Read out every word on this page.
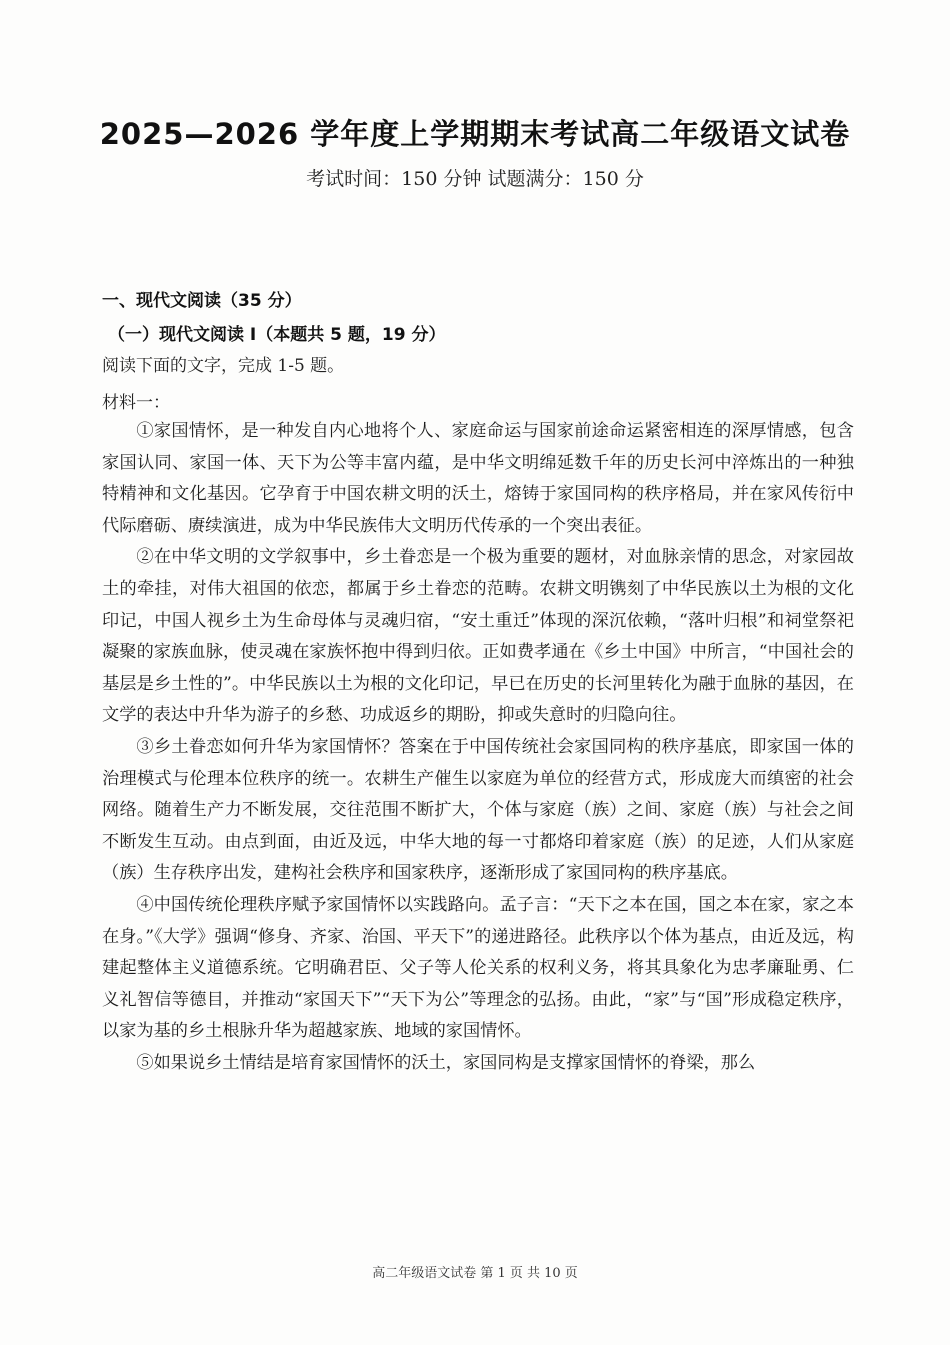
2025—2026 学年度上学期期末考试高二年级语文试卷
考试时间：150 分钟 试题满分：150 分
一、现代文阅读（35 分）
（一）现代文阅读 I（本题共 5 题，19 分）
阅读下面的文字，完成 1-5 题。
材料一：

①家国情怀，是一种发自内心地将个人、家庭命运与国家前途命运紧密相连的深厚情感，包含家国认同、家国一体、天下为公等丰富内蕴，是中华文明绵延数千年的历史长河中淬炼出的一种独特精神和文化基因。它孕育于中国农耕文明的沃土，熔铸于家国同构的秩序格局，并在家风传衍中代际磨砺、赓续演进，成为中华民族伟大文明历代传承的一个突出表征。

②在中华文明的文学叙事中，乡土眷恋是一个极为重要的题材，对血脉亲情的思念，对家园故土的牵挂，对伟大祖国的依恋，都属于乡土眷恋的范畴。农耕文明镌刻了中华民族以土为根的文化印记，中国人视乡土为生命母体与灵魂归宿，“安土重迁”体现的深沉依赖，“落叶归根”和祠堂祭祀凝聚的家族血脉，使灵魂在家族怀抱中得到归依。正如费孝通在《乡土中国》中所言，“中国社会的基层是乡土性的”。中华民族以土为根的文化印记，早已在历史的长河里转化为融于血脉的基因，在文学的表达中升华为游子的乡愁、功成返乡的期盼，抑或失意时的归隐向往。

③乡土眷恋如何升华为家国情怀？答案在于中国传统社会家国同构的秩序基底，即家国一体的治理模式与伦理本位秩序的统一。农耕生产催生以家庭为单位的经营方式，形成庞大而缜密的社会网络。随着生产力不断发展，交往范围不断扩大，个体与家庭（族）之间、家庭（族）与社会之间不断发生互动。由点到面，由近及远，中华大地的每一寸都烙印着家庭（族）的足迹，人们从家庭（族）生存秩序出发，建构社会秩序和国家秩序，逐渐形成了家国同构的秩序基底。

④中国传统伦理秩序赋予家国情怀以实践路向。孟子言：“天下之本在国，国之本在家，家之本在身。”《大学》强调“修身、齐家、治国、平天下”的递进路径。此秩序以个体为基点，由近及远，构建起整体主义道德系统。它明确君臣、父子等人伦关系的权利义务，将其具象化为忠孝廉耻勇、仁义礼智信等德目，并推动“家国天下”“天下为公”等理念的弘扬。由此，“家”与“国”形成稳定秩序，以家为基的乡土根脉升华为超越家族、地域的家国情怀。

⑤如果说乡土情结是培育家国情怀的沃土，家国同构是支撑家国情怀的脊梁，那么

高二年级语文试卷 第 1 页 共 10 页
